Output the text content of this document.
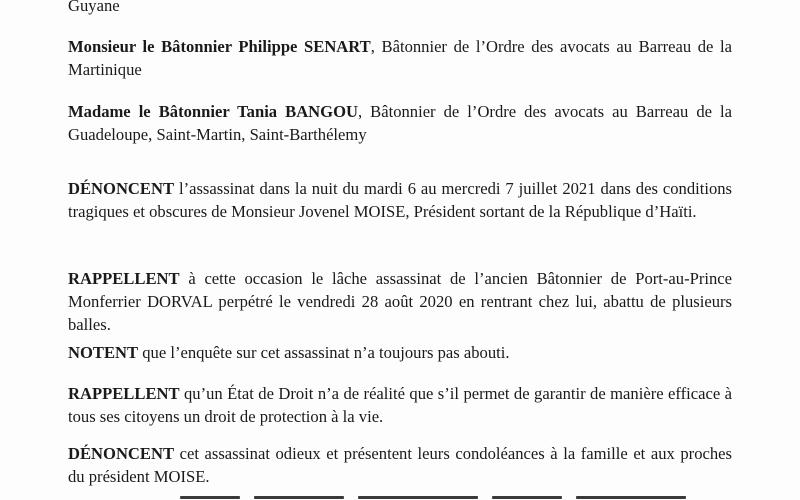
Guyane

Monsieur le Bâtonnier Philippe SENART, Bâtonnier de l’Ordre des avocats au Barreau de la Martinique

Madame le Bâtonnier Tania BANGOU, Bâtonnier de l’Ordre des avocats au Barreau de la Guadeloupe, Saint-Martin, Saint-Barthélemy

DÉNONCENT l’assassinat dans la nuit du mardi 6 au mercredi 7 juillet 2021 dans des conditions tragiques et obscures de Monsieur Jovenel MOISE, Président sortant de la République d’Haïti.

RAPPELLENT à cette occasion le lâche assassinat de l’ancien Bâtonnier de Port-au-Prince Monferrier DORVAL perpétré le vendredi 28 août 2020 en rentrant chez lui, abattu de plusieurs balles.

NOTENT que l’enquête sur cet assassinat n’a toujours pas abouti.

RAPPELLENT qu’un État de Droit n’a de réalité que s’il permet de garantir de manière efficace à tous ses citoyens un droit de protection à la vie.

DÉNONCENT cet assassinat odieux et présentent leurs condoléances à la famille et aux proches du président MOISE.
